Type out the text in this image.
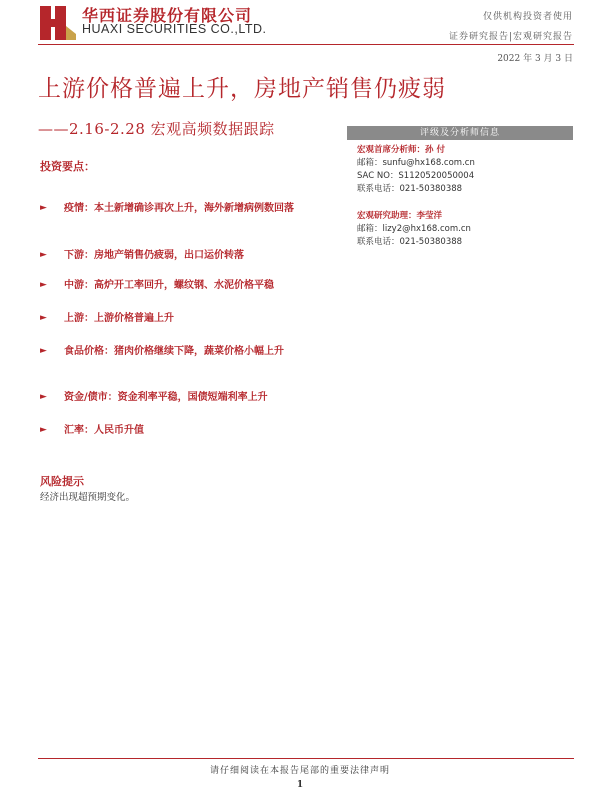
华西证券股份有限公司
HUAXI SECURITIES CO.,LTD.
仅供机构投资者使用
证券研究报告|宏观研究报告
2022 年 3 月 3 日
上游价格普遍上升，房地产销售仍疲弱
——2.16-2.28 宏观高频数据跟踪	评级及分析师信息
宏观首席分析师：孙 付
邮箱：sunfu@hx168.com.cn
SAC NO：S1120520050004
联系电话：021-50380388
宏观研究助理：李莹洋
邮箱：lizy2@hx168.com.cn
联系电话：021-50380388
投资要点：
► 疫情：本土新增确诊再次上升，海外新增病例数回落
► 下游：房地产销售仍疲弱，出口运价转落
► 中游：高炉开工率回升，螺纹钢、水泥价格平稳
► 上游：上游价格普遍上升
► 食品价格：猪肉价格继续下降，蔬菜价格小幅上升
► 资金/债市：资金利率平稳，国债短端利率上升
► 汇率：人民币升值
风险提示
经济出现超预期变化。
请仔细阅读在本报告尾部的重要法律声明
1
